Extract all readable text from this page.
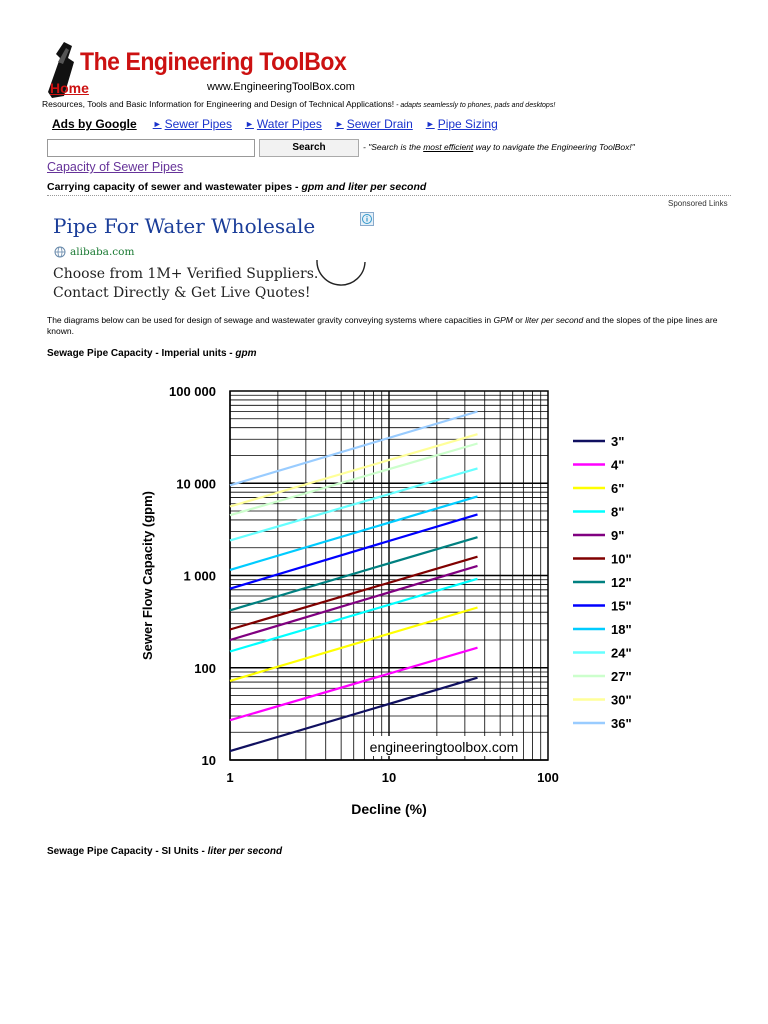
The Engineering ToolBox
Home	www.EngineeringToolBox.com
Resources, Tools and Basic Information for Engineering and Design of Technical Applications! - adapts seamlessly to phones, pads and desktops!
Ads by Google ► Sewer Pipes ► Water Pipes ► Sewer Drain ► Pipe Sizing
Search	- "Search is the most efficient way to navigate the Engineering ToolBox!"
Capacity of Sewer Pipes
Carrying capacity of sewer and wastewater pipes - gpm and liter per second
Sponsored Links
Pipe For Water Wholesale
alibaba.com
Choose from 1M+ Verified Suppliers.
Contact Directly & Get Live Quotes!
The diagrams below can be used for design of sewage and wastewater gravity conveying systems where capacities in GPM or liter per second and the slopes of the pipe lines are known.
Sewage Pipe Capacity - Imperial units - gpm
engineeringtoolbox.com
10
100
1 000
10 000
100 000
1	10	100
Decline (%)
Sewer Flow Capacity (gpm)
3"
4"
6"
8"
9"
10"
12"
15"
18"
24"
27"
30"
36"
Sewage Pipe Capacity - SI Units - liter per second
